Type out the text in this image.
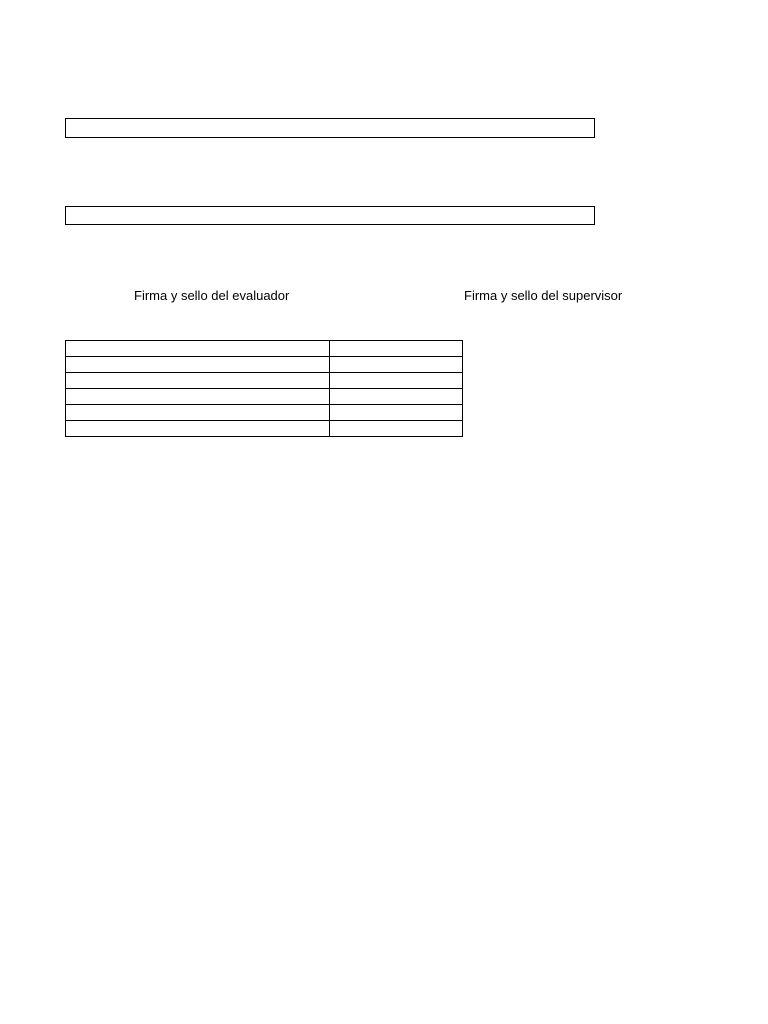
Firma y sello del evaluador	Firma y sello del supervisor
